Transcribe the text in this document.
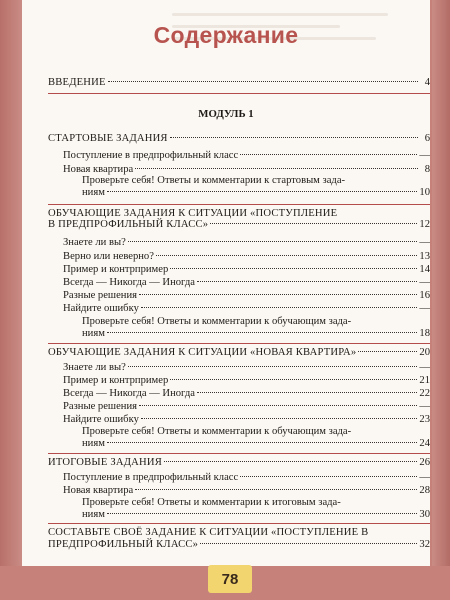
Содержание
ВВЕДЕНИЕ	4
МОДУЛЬ 1
СТАРТОВЫЕ ЗАДАНИЯ	6
Поступление в предпрофильный класс	—
Новая квартира	8
Проверьте себя! Ответы и комментарии к стартовым зада-
ниям	10
ОБУЧАЮЩИЕ ЗАДАНИЯ К СИТУАЦИИ «ПОСТУПЛЕНИЕ
В ПРЕДПРОФИЛЬНЫЙ КЛАСС»	12
Знаете ли вы?	—
Верно или неверно?	13
Пример и контрпример	14
Всегда — Никогда — Иногда	—
Разные решения	16
Найдите ошибку	—
Проверьте себя! Ответы и комментарии к обучающим зада-
ниям	18
ОБУЧАЮЩИЕ ЗАДАНИЯ К СИТУАЦИИ «НОВАЯ КВАРТИРА»	20
Знаете ли вы?	—
Пример и контрпример	21
Всегда — Никогда — Иногда	22
Разные решения	—
Найдите ошибку	23
Проверьте себя! Ответы и комментарии к обучающим зада-
ниям	24
ИТОГОВЫЕ ЗАДАНИЯ	26
Поступление в предпрофильный класс	—
Новая квартира	28
Проверьте себя! Ответы и комментарии к итоговым зада-
ниям	30
СОСТАВЬТЕ СВОЁ ЗАДАНИЕ К СИТУАЦИИ «ПОСТУПЛЕНИЕ В
ПРЕДПРОФИЛЬНЫЙ КЛАСС»	32
78
